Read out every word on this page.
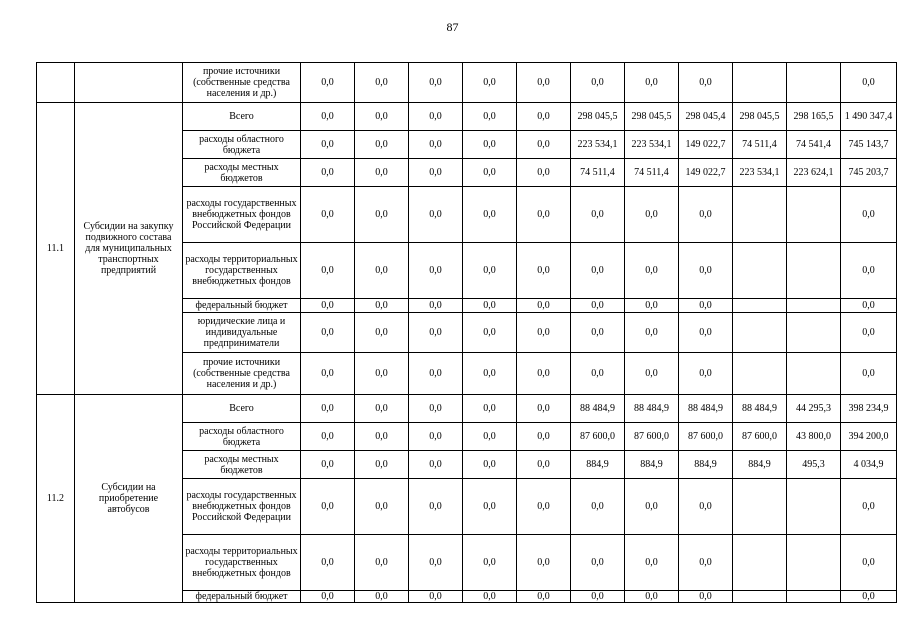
87
		прочие источники (собственные средства населения и др.)	0,0	0,0	0,0	0,0	0,0	0,0	0,0	0,0			0,0
11.1	Субсидии на закупку подвижного состава для муниципальных транспортных предприятий	Всего	0,0	0,0	0,0	0,0	0,0	298 045,5	298 045,5	298 045,4	298 045,5	298 165,5	1 490 347,4
		расходы областного бюджета	0,0	0,0	0,0	0,0	0,0	223 534,1	223 534,1	149 022,7	74 511,4	74 541,4	745 143,7
		расходы местных бюджетов	0,0	0,0	0,0	0,0	0,0	74 511,4	74 511,4	149 022,7	223 534,1	223 624,1	745 203,7
		расходы государственных внебюджетных фондов Российской Федерации	0,0	0,0	0,0	0,0	0,0	0,0	0,0	0,0			0,0
		расходы территориальных государственных внебюджетных фондов	0,0	0,0	0,0	0,0	0,0	0,0	0,0	0,0			0,0
		федеральный бюджет	0,0	0,0	0,0	0,0	0,0	0,0	0,0	0,0			0,0
		юридические лица и индивидуальные предприниматели	0,0	0,0	0,0	0,0	0,0	0,0	0,0	0,0			0,0
		прочие источники (собственные средства населения и др.)	0,0	0,0	0,0	0,0	0,0	0,0	0,0	0,0			0,0
11.2	Субсидии на приобретение автобусов	Всего	0,0	0,0	0,0	0,0	0,0	88 484,9	88 484,9	88 484,9	88 484,9	44 295,3	398 234,9
		расходы областного бюджета	0,0	0,0	0,0	0,0	0,0	87 600,0	87 600,0	87 600,0	87 600,0	43 800,0	394 200,0
		расходы местных бюджетов	0,0	0,0	0,0	0,0	0,0	884,9	884,9	884,9	884,9	495,3	4 034,9
		расходы государственных внебюджетных фондов Российской Федерации	0,0	0,0	0,0	0,0	0,0	0,0	0,0	0,0			0,0
		расходы территориальных государственных внебюджетных фондов	0,0	0,0	0,0	0,0	0,0	0,0	0,0	0,0			0,0
		федеральный бюджет	0,0	0,0	0,0	0,0	0,0	0,0	0,0	0,0			0,0
